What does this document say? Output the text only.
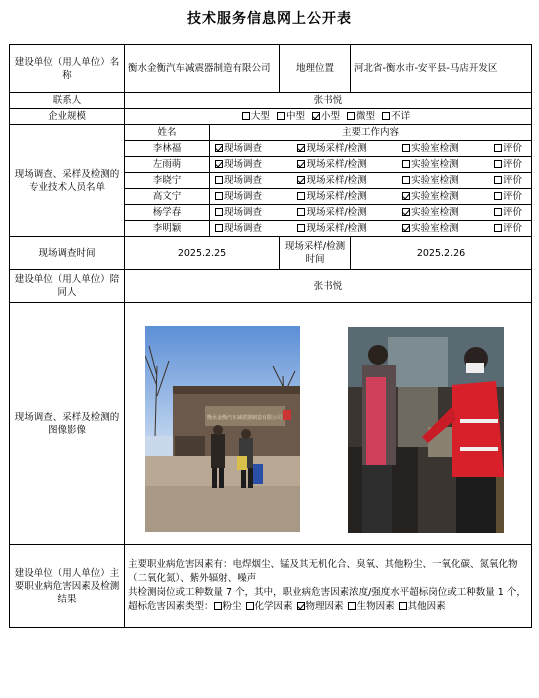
技术服务信息网上公开表
建设单位（用人单位）名称	衡水金衡汽车减震器制造有限公司		地理位置	河北省-衡水市-安平县-马店开发区
联系人	张书悦			
企业规模	大型 中型 小型 微型 不详			
现场调查、采样及检测的专业技术人员名单	姓名	主要工作内容		
	李林福	现场调查 现场采样/检测 实验室检测 评价		

	左雨萌	现场调查 现场采样/检测 实验室检测 评价		

	李晓宁	现场调查 现场采样/检测 实验室检测 评价		

	高文宁	现场调查 现场采样/检测 实验室检测 评价		

	杨学春	现场调查 现场采样/检测 实验室检测 评价		

	李明颖	现场调查 现场采样/检测 实验室检测 评价		

现场调查时间	2025.2.25		现场采样/检测时间	2025.2.26
建设单位（用人单位）陪同人	张书悦			
现场调查、采样及检测的图像影像				
建设单位（用人单位）主要职业病危害因素及检测结果	主要职业病危害因素有：电焊烟尘、锰及其无机化合、臭氧、其他粉尘、一氧化碳、氮氧化物（二氧化氮）、紫外辐射、噪声

共检测岗位或工种数量 7 个，其中，职业病危害因素浓度/强度水平超标岗位或工种数量 1 个，超标危害因素类型： 粉尘 化学因素 物理因素 生物因素 其他因素			

衡水金衡汽车减震器制造有限公司
